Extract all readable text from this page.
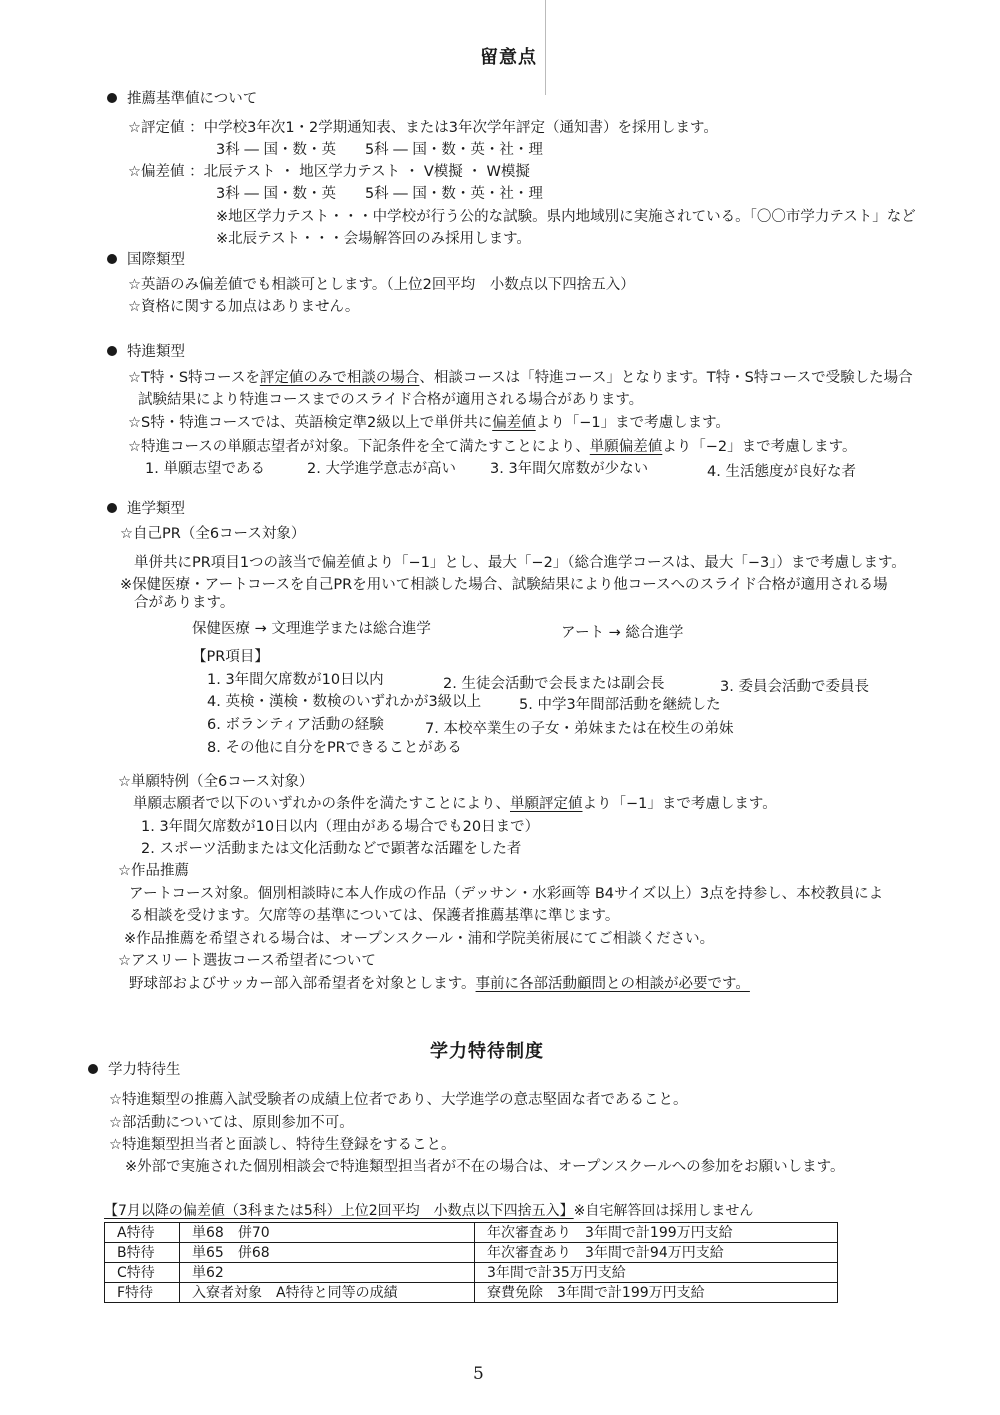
留意点
推薦基準値について
☆評定値 ：中学校3年次1・2学期通知表、または3年次学年評定（通知書）を採用します。
3科 ― 国・数・英　　5科 ― 国・数・英・社・理
☆偏差値 ：北辰テスト ・ 地区学力テスト ・ V模擬 ・ W模擬
3科 ― 国・数・英　　5科 ― 国・数・英・社・理
※地区学力テスト・・・中学校が行う公的な試験。県内地域別に実施されている。「〇〇市学力テスト」など
※北辰テスト・・・会場解答回のみ採用します。
国際類型
☆英語のみ偏差値でも相談可とします。（上位2回平均　小数点以下四捨五入）
☆資格に関する加点はありません。
特進類型
☆T特・S特コースを評定値のみで相談の場合、相談コースは「特進コース」となります。T特・S特コースで受験した場合
試験結果により特進コースまでのスライド合格が適用される場合があります。
☆S特・特進コースでは、英語検定準2級以上で単併共に偏差値より「−1」まで考慮します。
☆特進コースの単願志望者が対象。下記条件を全て満たすことにより、単願偏差値より「−2」まで考慮します。
1. 単願志望である	2. 大学進学意志が高い 3. 3年間欠席数が少ない	4. 生活態度が良好な者
進学類型
☆自己PR（全6コース対象）
単併共にPR項目1つの該当で偏差値より「−1」とし、最大「−2」（総合進学コースは、最大「−3」）まで考慮します。
※保健医療・アートコースを自己PRを用いて相談した場合、試験結果により他コースへのスライド合格が適用される場
合があります。
保健医療 → 文理進学または総合進学	アート → 総合進学
【PR項目】
1. 3年間欠席数が10日以内	2. 生徒会活動で会長または副会長	3. 委員会活動で委員長
4. 英検・漢検・数検のいずれかが3級以上	5. 中学3年間部活動を継続した
6. ボランティア活動の経験	7. 本校卒業生の子女・弟妹または在校生の弟妹
8. その他に自分をPRできることがある
☆単願特例（全6コース対象）
単願志願者で以下のいずれかの条件を満たすことにより、単願評定値より「−1」まで考慮します。
1. 3年間欠席数が10日以内（理由がある場合でも20日まで）
2. スポーツ活動または文化活動などで顕著な活躍をした者
☆作品推薦
アートコース対象。個別相談時に本人作成の作品（デッサン・水彩画等 B4サイズ以上）3点を持参し、本校教員によ
る相談を受けます。欠席等の基準については、保護者推薦基準に準じます。
※作品推薦を希望される場合は、オープンスクール・浦和学院美術展にてご相談ください。
☆アスリート選抜コース希望者について
野球部およびサッカー部入部希望者を対象とします。事前に各部活動顧問との相談が必要です。
学力特待制度
学力特待生
☆特進類型の推薦入試受験者の成績上位者であり、大学進学の意志堅固な者であること。
☆部活動については、原則参加不可。
☆特進類型担当者と面談し、特待生登録をすること。
※外部で実施された個別相談会で特進類型担当者が不在の場合は、オープンスクールへの参加をお願いします。
【7月以降の偏差値（3科または5科）上位2回平均　小数点以下四捨五入】※自宅解答回は採用しません
A特待	単68　併70	年次審査あり　3年間で計199万円支給
B特待	単65　併68	年次審査あり　3年間で計94万円支給
C特待	単62	3年間で計35万円支給
F特待	入寮者対象　A特待と同等の成績	寮費免除　3年間で計199万円支給
5
